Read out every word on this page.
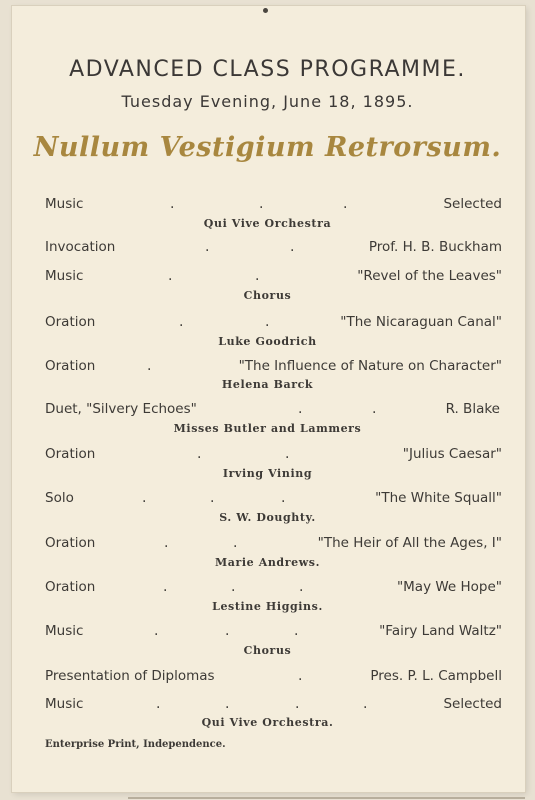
ADVANCED CLASS PROGRAMME.
Tuesday Evening, June 18, 1895.
Nullum Vestigium Retrorsum.
Music	.	.	.	Selected
Qui Vive Orchestra
Invocation	.	.	Prof. H. B. Buckham
Music	.	.	"Revel of the Leaves"
Chorus
Oration	.	.	"The Nicaraguan Canal"
Luke Goodrich
Oration	.	"The Influence of Nature on Character"
Helena Barck
Duet, "Silvery Echoes"	.	.	R. Blake
Misses Butler and Lammers
Oration	.	.	"Julius Caesar"
Irving Vining
Solo	.	.	.	"The White Squall"
S. W. Doughty.
Oration	.	.	"The Heir of All the Ages, I"
Marie Andrews.
Oration	.	.	.	"May We Hope"
Lestine Higgins.
Music	.	.	.	"Fairy Land Waltz"
Chorus
Presentation of Diplomas	.	Pres. P. L. Campbell
Music	.	.	.	.	Selected
Qui Vive Orchestra.
Enterprise Print, Independence.
